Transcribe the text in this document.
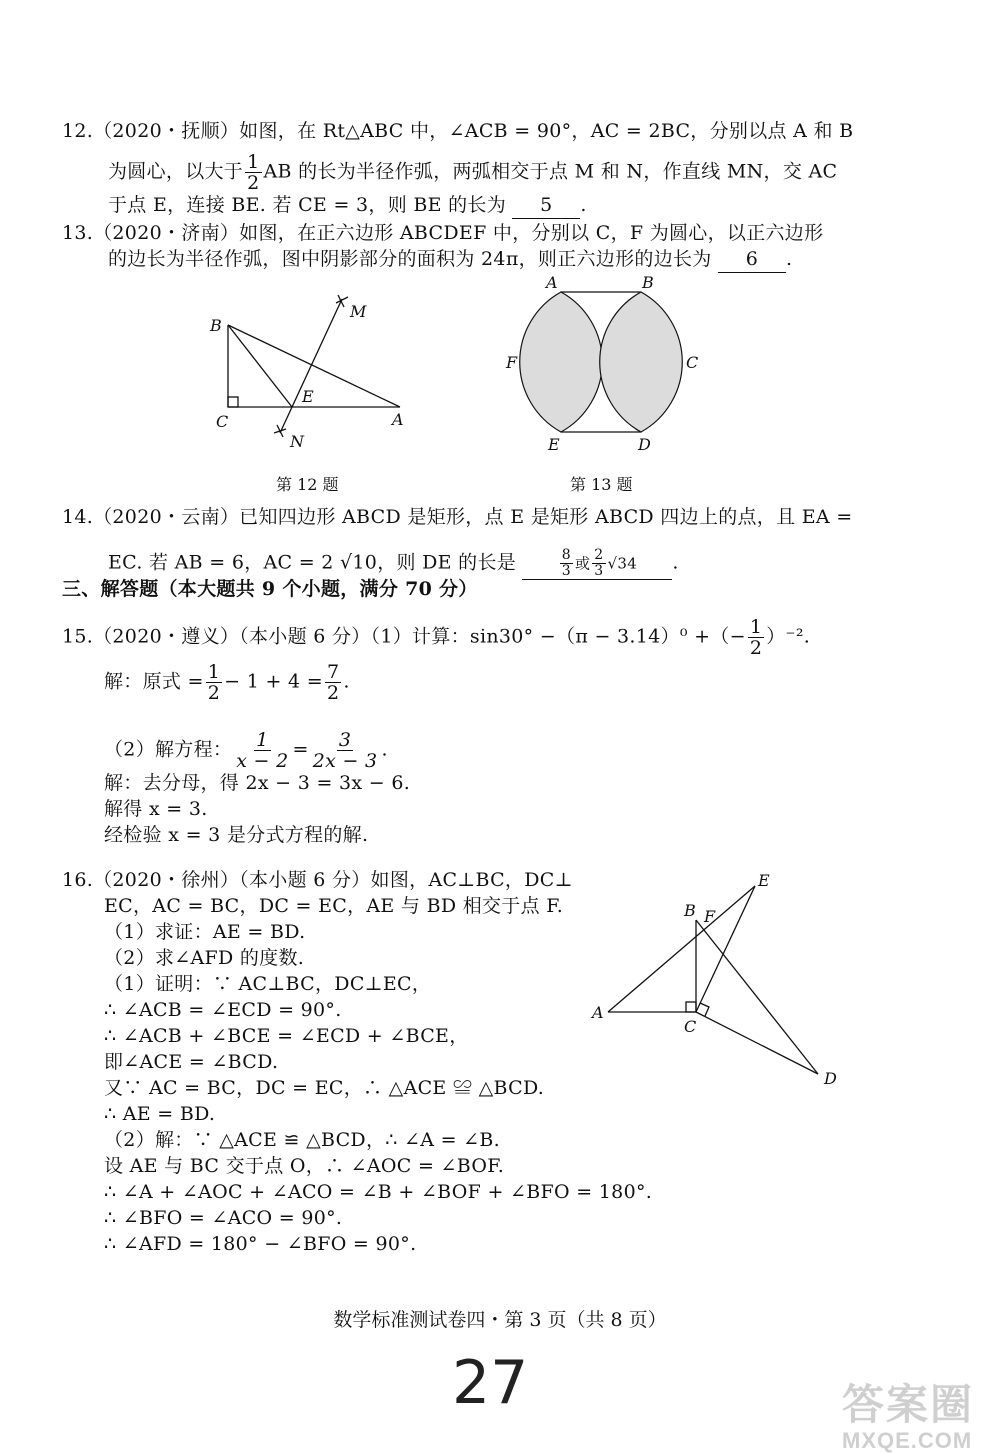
12.（2020・抚顺）如图，在 Rt△ABC 中，∠ACB = 90°，AC = 2BC，分别以点 A 和 B
为圆心，以大于 $\frac{1}{2}$ AB 的长为半径作弧，两弧相交于点 M 和 N，作直线 MN，交 AC
于点 E，连接 BE. 若 CE = 3，则 BE 的长为 5 .
13.（2020・济南）如图，在正六边形 ABCDEF 中，分别以 C，F 为圆心，以正六边形
的边长为半径作弧，图中阴影部分的面积为 24π，则正六边形的边长为 6 .
B
C
E
A
M
N
第 12 题
A	B
C
D
E
F
第 13 题
14.（2020・云南）已知四边形 ABCD 是矩形，点 E 是矩形 ABCD 四边上的点，且 EA =
EC. 若 AB = 6，AC = 2 √10，则 DE 的长是	$\frac{8}{3}$ 或 $\frac{2}{3} √34$ .
三、解答题（本大题共 9 个小题，满分 70 分）
15.（2020・遵义）（本小题 6 分）（1）计算：sin30° −（π − 3.14）⁰ +（− $\frac{1}{2} )^{-2}$.
解：原式 = $\frac{1}{2} - 1 + 4 = \frac{7}{2}$ .
（2）解方程： $\frac{1}{x - 2} = \frac{3}{2x - 3}$ .
解：去分母，得 2x − 3 = 3x − 6.
解得 x = 3.
经检验 x = 3 是分式方程的解.
16.（2020・徐州）（本小题 6 分）如图，AC⊥BC，DC⊥
EC，AC = BC，DC = EC，AE 与 BD 相交于点 F.
（1）求证：AE = BD.
（2）求∠AFD 的度数.
（1）证明：∵ AC⊥BC，DC⊥EC，
∴ ∠ACB = ∠ECD = 90°.
∴ ∠ACB + ∠BCE = ∠ECD + ∠BCE，
即∠ACE = ∠BCD.
又∵ AC = BC，DC = EC，∴ △ACE ≌ △BCD.
∴ AE = BD.
（2）解：∵ △ACE ≌ △BCD，∴ ∠A = ∠B.
设 AE 与 BC 交于点 O，∴ ∠AOC = ∠BOF.
∴ ∠A + ∠AOC + ∠ACO = ∠B + ∠BOF + ∠BFO = 180°.
∴ ∠BFO = ∠ACO = 90°.
∴ ∠AFD = 180° − ∠BFO = 90°.
A
B
C
D
E
F
数学标准测试卷四・第 3 页（共 8 页）
27	答案圈
MXQE.COM
